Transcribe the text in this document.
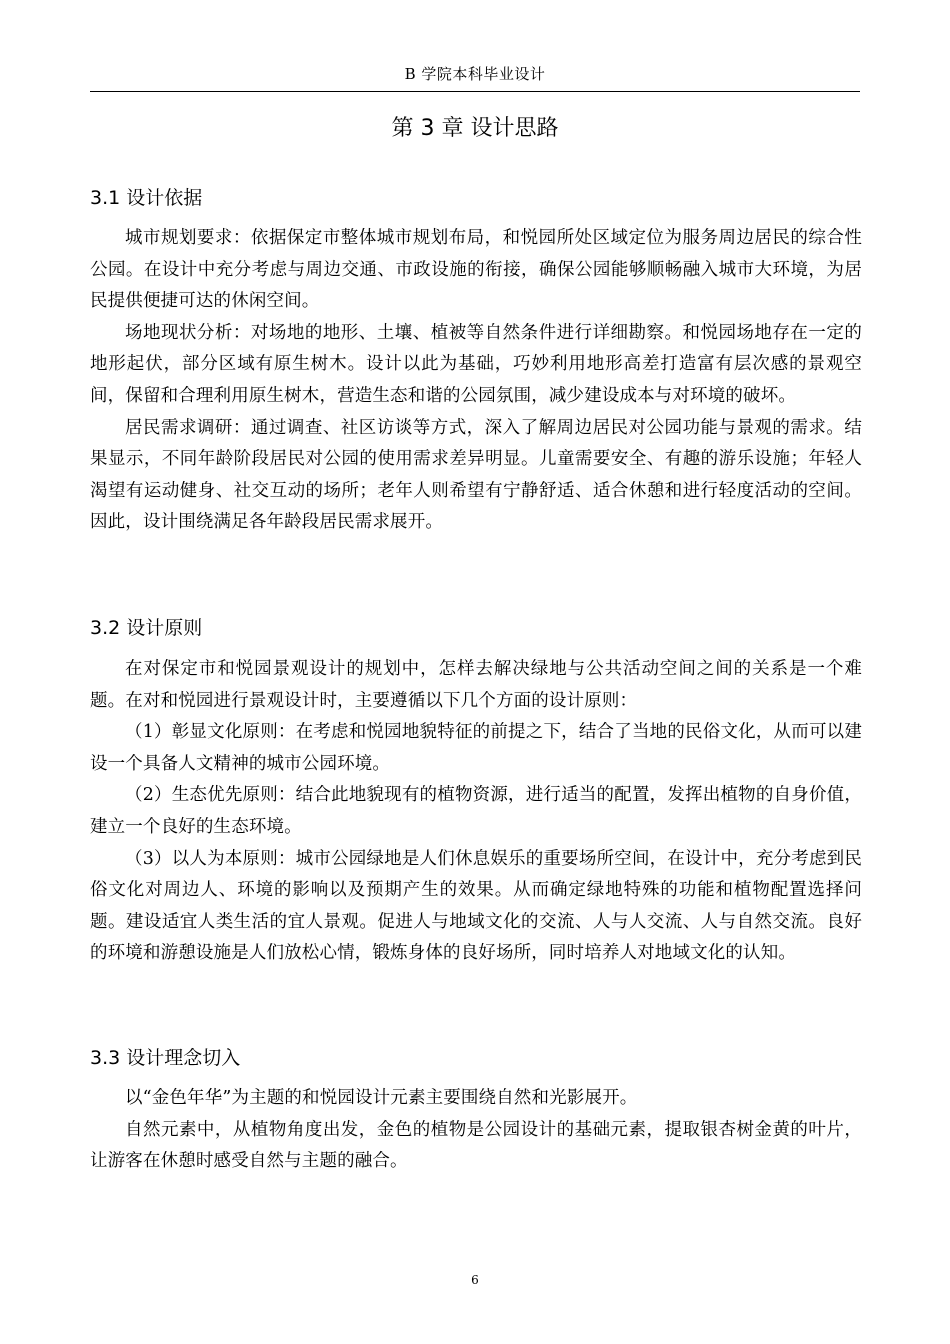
B 学院本科毕业设计
第 3 章 设计思路
3.1 设计依据

城市规划要求：依据保定市整体城市规划布局，和悦园所处区域定位为服务周边居民的综合性公园。在设计中充分考虑与周边交通、市政设施的衔接，确保公园能够顺畅融入城市大环境，为居民提供便捷可达的休闲空间。

场地现状分析：对场地的地形、土壤、植被等自然条件进行详细勘察。和悦园场地存在一定的地形起伏，部分区域有原生树木。设计以此为基础，巧妙利用地形高差打造富有层次感的景观空间，保留和合理利用原生树木，营造生态和谐的公园氛围，减少建设成本与对环境的破坏。

居民需求调研：通过调查、社区访谈等方式，深入了解周边居民对公园功能与景观的需求。结果显示，不同年龄阶段居民对公园的使用需求差异明显。儿童需要安全、有趣的游乐设施；年轻人渴望有运动健身、社交互动的场所；老年人则希望有宁静舒适、适合休憩和进行轻度活动的空间。因此，设计围绕满足各年龄段居民需求展开。

3.2 设计原则

在对保定市和悦园景观设计的规划中，怎样去解决绿地与公共活动空间之间的关系是一个难题。在对和悦园进行景观设计时，主要遵循以下几个方面的设计原则：

（1）彰显文化原则：在考虑和悦园地貌特征的前提之下，结合了当地的民俗文化，从而可以建设一个具备人文精神的城市公园环境。

（2）生态优先原则：结合此地貌现有的植物资源，进行适当的配置，发挥出植物的自身价值，建立一个良好的生态环境。

（3）以人为本原则：城市公园绿地是人们休息娱乐的重要场所空间，在设计中，充分考虑到民俗文化对周边人、环境的影响以及预期产生的效果。从而确定绿地特殊的功能和植物配置选择问题。建设适宜人类生活的宜人景观。促进人与地域文化的交流、人与人交流、人与自然交流。良好的环境和游憩设施是人们放松心情，锻炼身体的良好场所，同时培养人对地域文化的认知。

3.3 设计理念切入

以“金色年华”为主题的和悦园设计元素主要围绕自然和光影展开。

自然元素中，从植物角度出发，金色的植物是公园设计的基础元素，提取银杏树金黄的叶片，让游客在休憩时感受自然与主题的融合。

6
